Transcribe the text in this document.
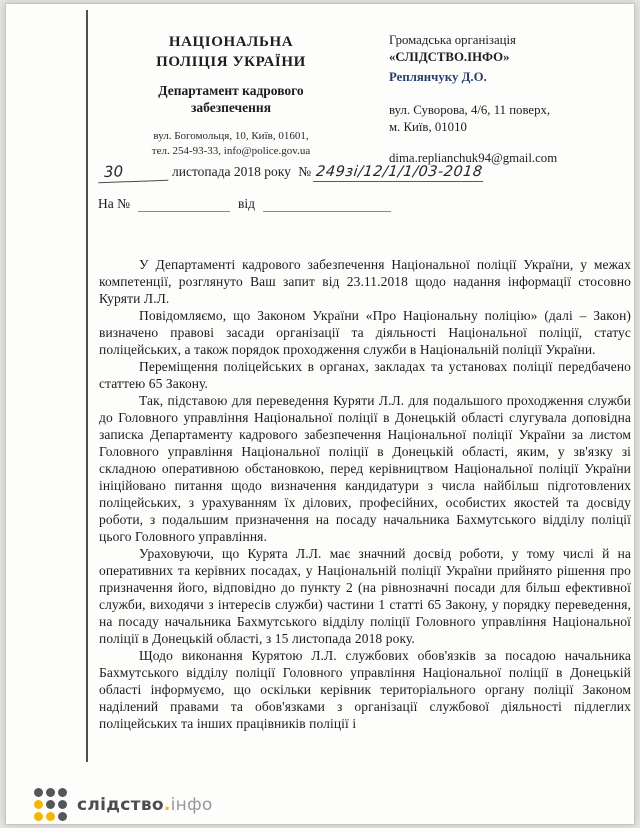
НАЦІОНАЛЬНА
ПОЛІЦІЯ УКРАЇНИ
Департамент кадрового
забезпечення
вул. Богомольця, 10, Київ, 01601,
тел. 254-93-33, info@police.gov.ua
Громадська організація
«СЛІДСТВО.ІНФО»
Реплянчуку Д.О.
вул. Суворова, 4/6, 11 поверх,
м. Київ, 01010
dima.replianchuk94@gmail.com
30	листопада 2018 року № 249зі/12/1/1/03-2018
На №	від

У Департаменті кадрового забезпечення Національної поліції України, у межах компетенції, розглянуто Ваш запит від 23.11.2018 щодо надання інформації стосовно Куряти Л.Л.

Повідомляємо, що Законом України «Про Національну поліцію» (далі – Закон) визначено правові засади організації та діяльності Національної поліції, статус поліцейських, а також порядок проходження служби в Національній поліції України.

Переміщення поліцейських в органах, закладах та установах поліції передбачено статтею 65 Закону.

Так, підставою для переведення Куряти Л.Л. для подальшого проходження служби до Головного управління Національної поліції в Донецькій області слугувала доповідна записка Департаменту кадрового забезпечення Національної поліції України за листом Головного управління Національної поліції в Донецькій області, яким, у зв'язку зі складною оперативною обстановкою, перед керівництвом Національної поліції України ініційовано питання щодо визначення кандидатури з числа найбільш підготовлених поліцейських, з урахуванням їх ділових, професійних, особистих якостей та досвіду роботи, з подальшим призначення на посаду начальника Бахмутського відділу поліції цього Головного управління.

Ураховуючи, що Курята Л.Л. має значний досвід роботи, у тому числі й на оперативних та керівних посадах, у Національній поліції України прийнято рішення про призначення його, відповідно до пункту 2 (на рівнозначні посади для більш ефективної служби, виходячи з інтересів служби) частини 1 статті 65 Закону, у порядку переведення, на посаду начальника Бахмутського відділу поліції Головного управління Національної поліції в Донецькій області, з 15 листопада 2018 року.

Щодо виконання Курятою Л.Л. службових обов'язків за посадою начальника Бахмутського відділу поліції Головного управління Національної поліції в Донецькій області інформуємо, що оскільки керівник територіального органу поліції Законом наділений правами та обов'язками з організації службової діяльності підлеглих поліцейських та інших працівників поліції і

слідство.інфо
